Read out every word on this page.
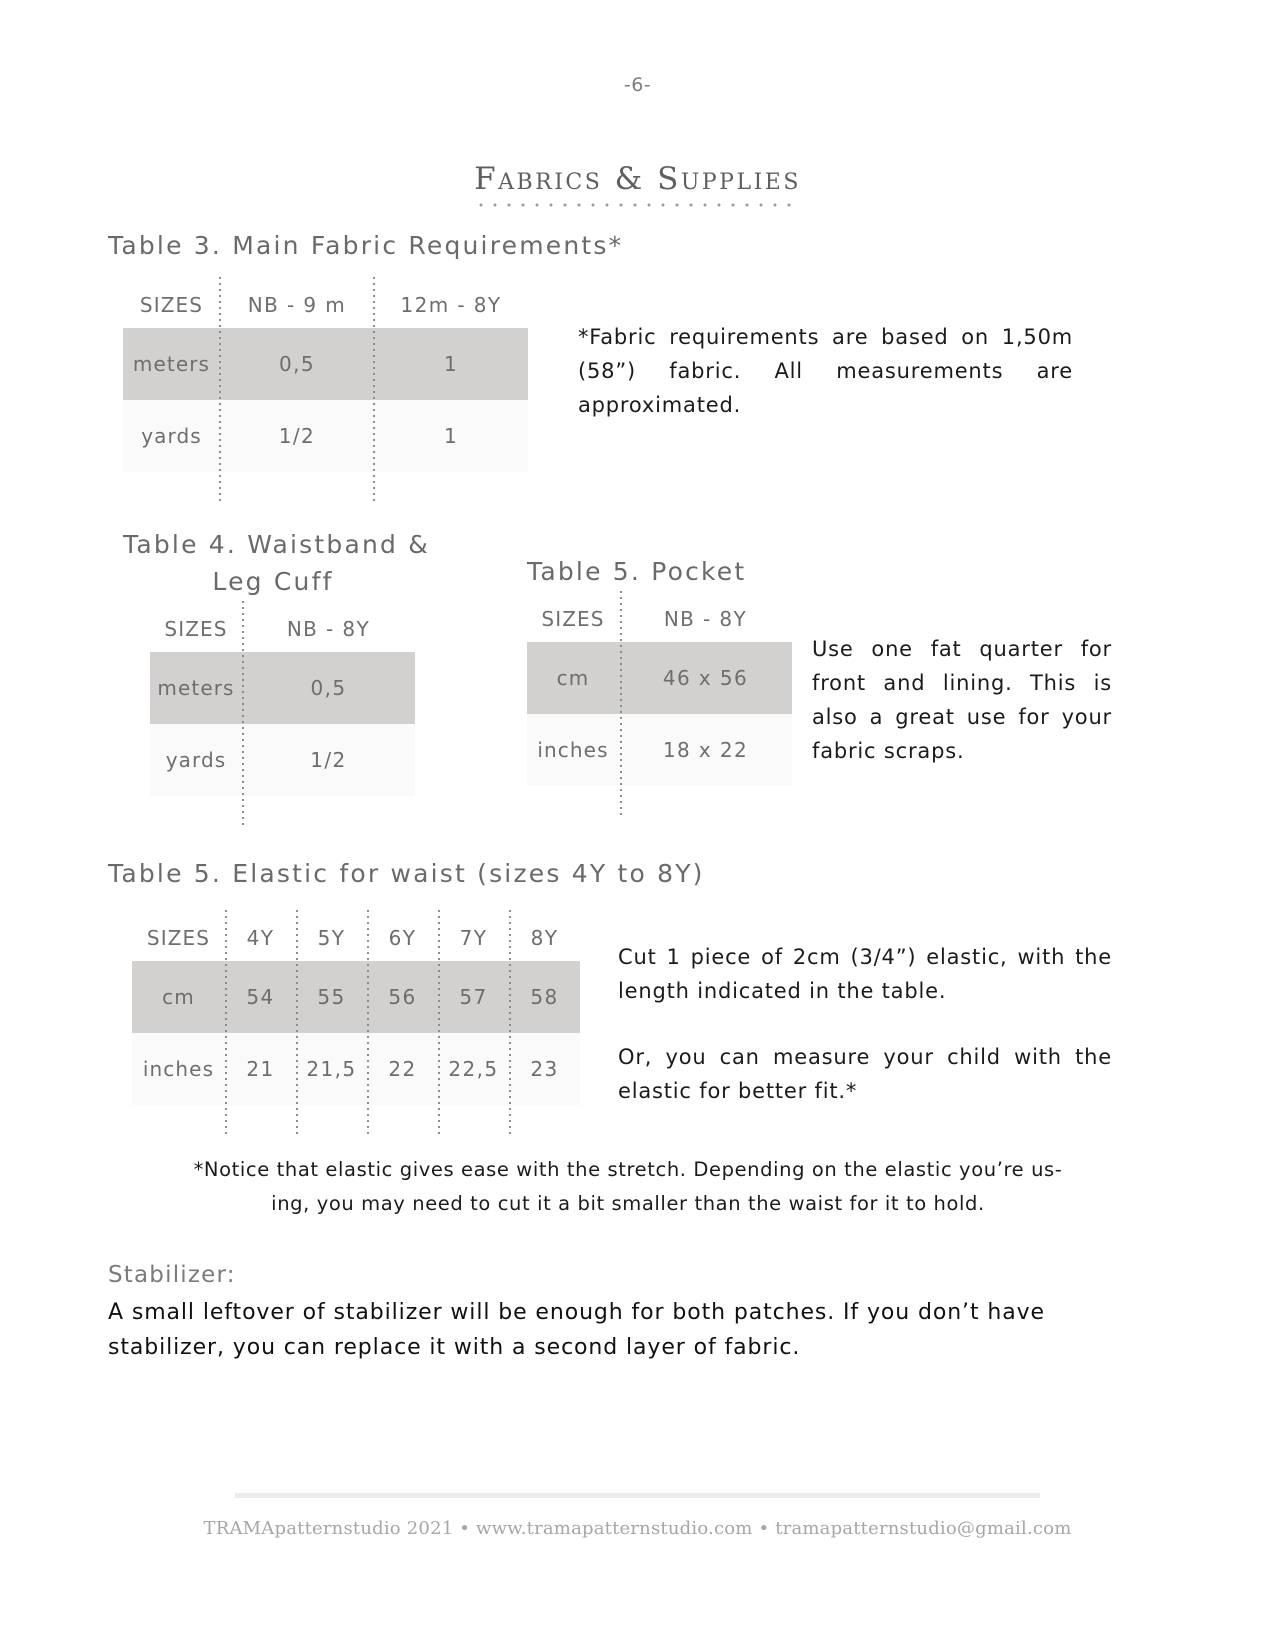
-6-
Fabrics & Supplies
Table 3. Main Fabric Requirements*
SIZES	NB - 9 m	12m - 8Y
meters	0,5	1
yards	1/2	1
*Fabric requirements are based on 1,50m (58”) fabric. All measurements are approximated.
Table 4. Waistband &
Leg Cuff
SIZES	NB - 8Y
meters	0,5
yards	1/2
Table 5. Pocket
SIZES	NB - 8Y
cm	46 x 56
inches	18 x 22
Use one fat quarter for front and lining. This is also a great use for your fabric scraps.
Table 5. Elastic for waist (sizes 4Y to 8Y)
SIZES	4Y	5Y	6Y	7Y	8Y
cm	54	55	56	57	58
inches	21	21,5	22	22,5	23
Cut 1 piece of 2cm (3/4”) elastic, with the length indicated in the table.
Or, you can measure your child with the elastic for better fit.*
*Notice that elastic gives ease with the stretch. Depending on the elastic you’re us-
ing, you may need to cut it a bit smaller than the waist for it to hold.
Stabilizer:
A small leftover of stabilizer will be enough for both patches. If you don’t have stabilizer, you can replace it with a second layer of fabric.
TRAMApatternstudio 2021 • www.tramapatternstudio.com • tramapatternstudio@gmail.com
